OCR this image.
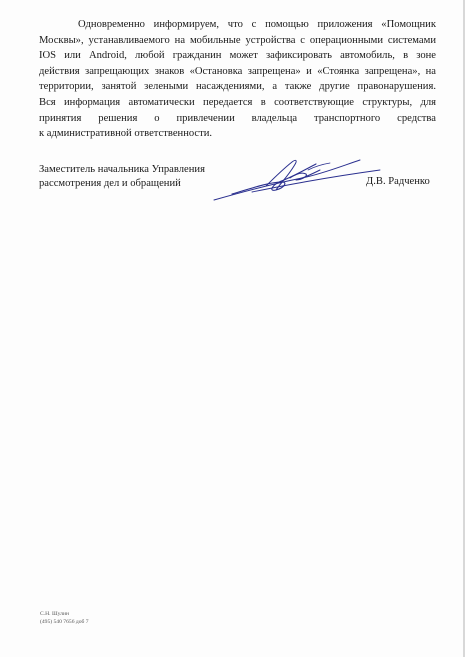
Одновременно информируем, что с помощью приложения «Помощник
Москвы», устанавливаемого на мобильные устройства с операционными системами
IOS или Android, любой гражданин может зафиксировать автомобиль, в зоне
действия запрещающих знаков «Остановка запрещена» и «Стоянка запрещена», на
территории, занятой зелеными насаждениями, а также другие правонарушения.
Вся информация автоматически передается в соответствующие структуры, для
принятия решения о привлечении владельца транспортного средства
к административной ответственности.
Заместитель начальника Управления
рассмотрения дел и обращений	Д.В. Радченко
С.Н. Шулин
(495) 540 7656 доб 7
